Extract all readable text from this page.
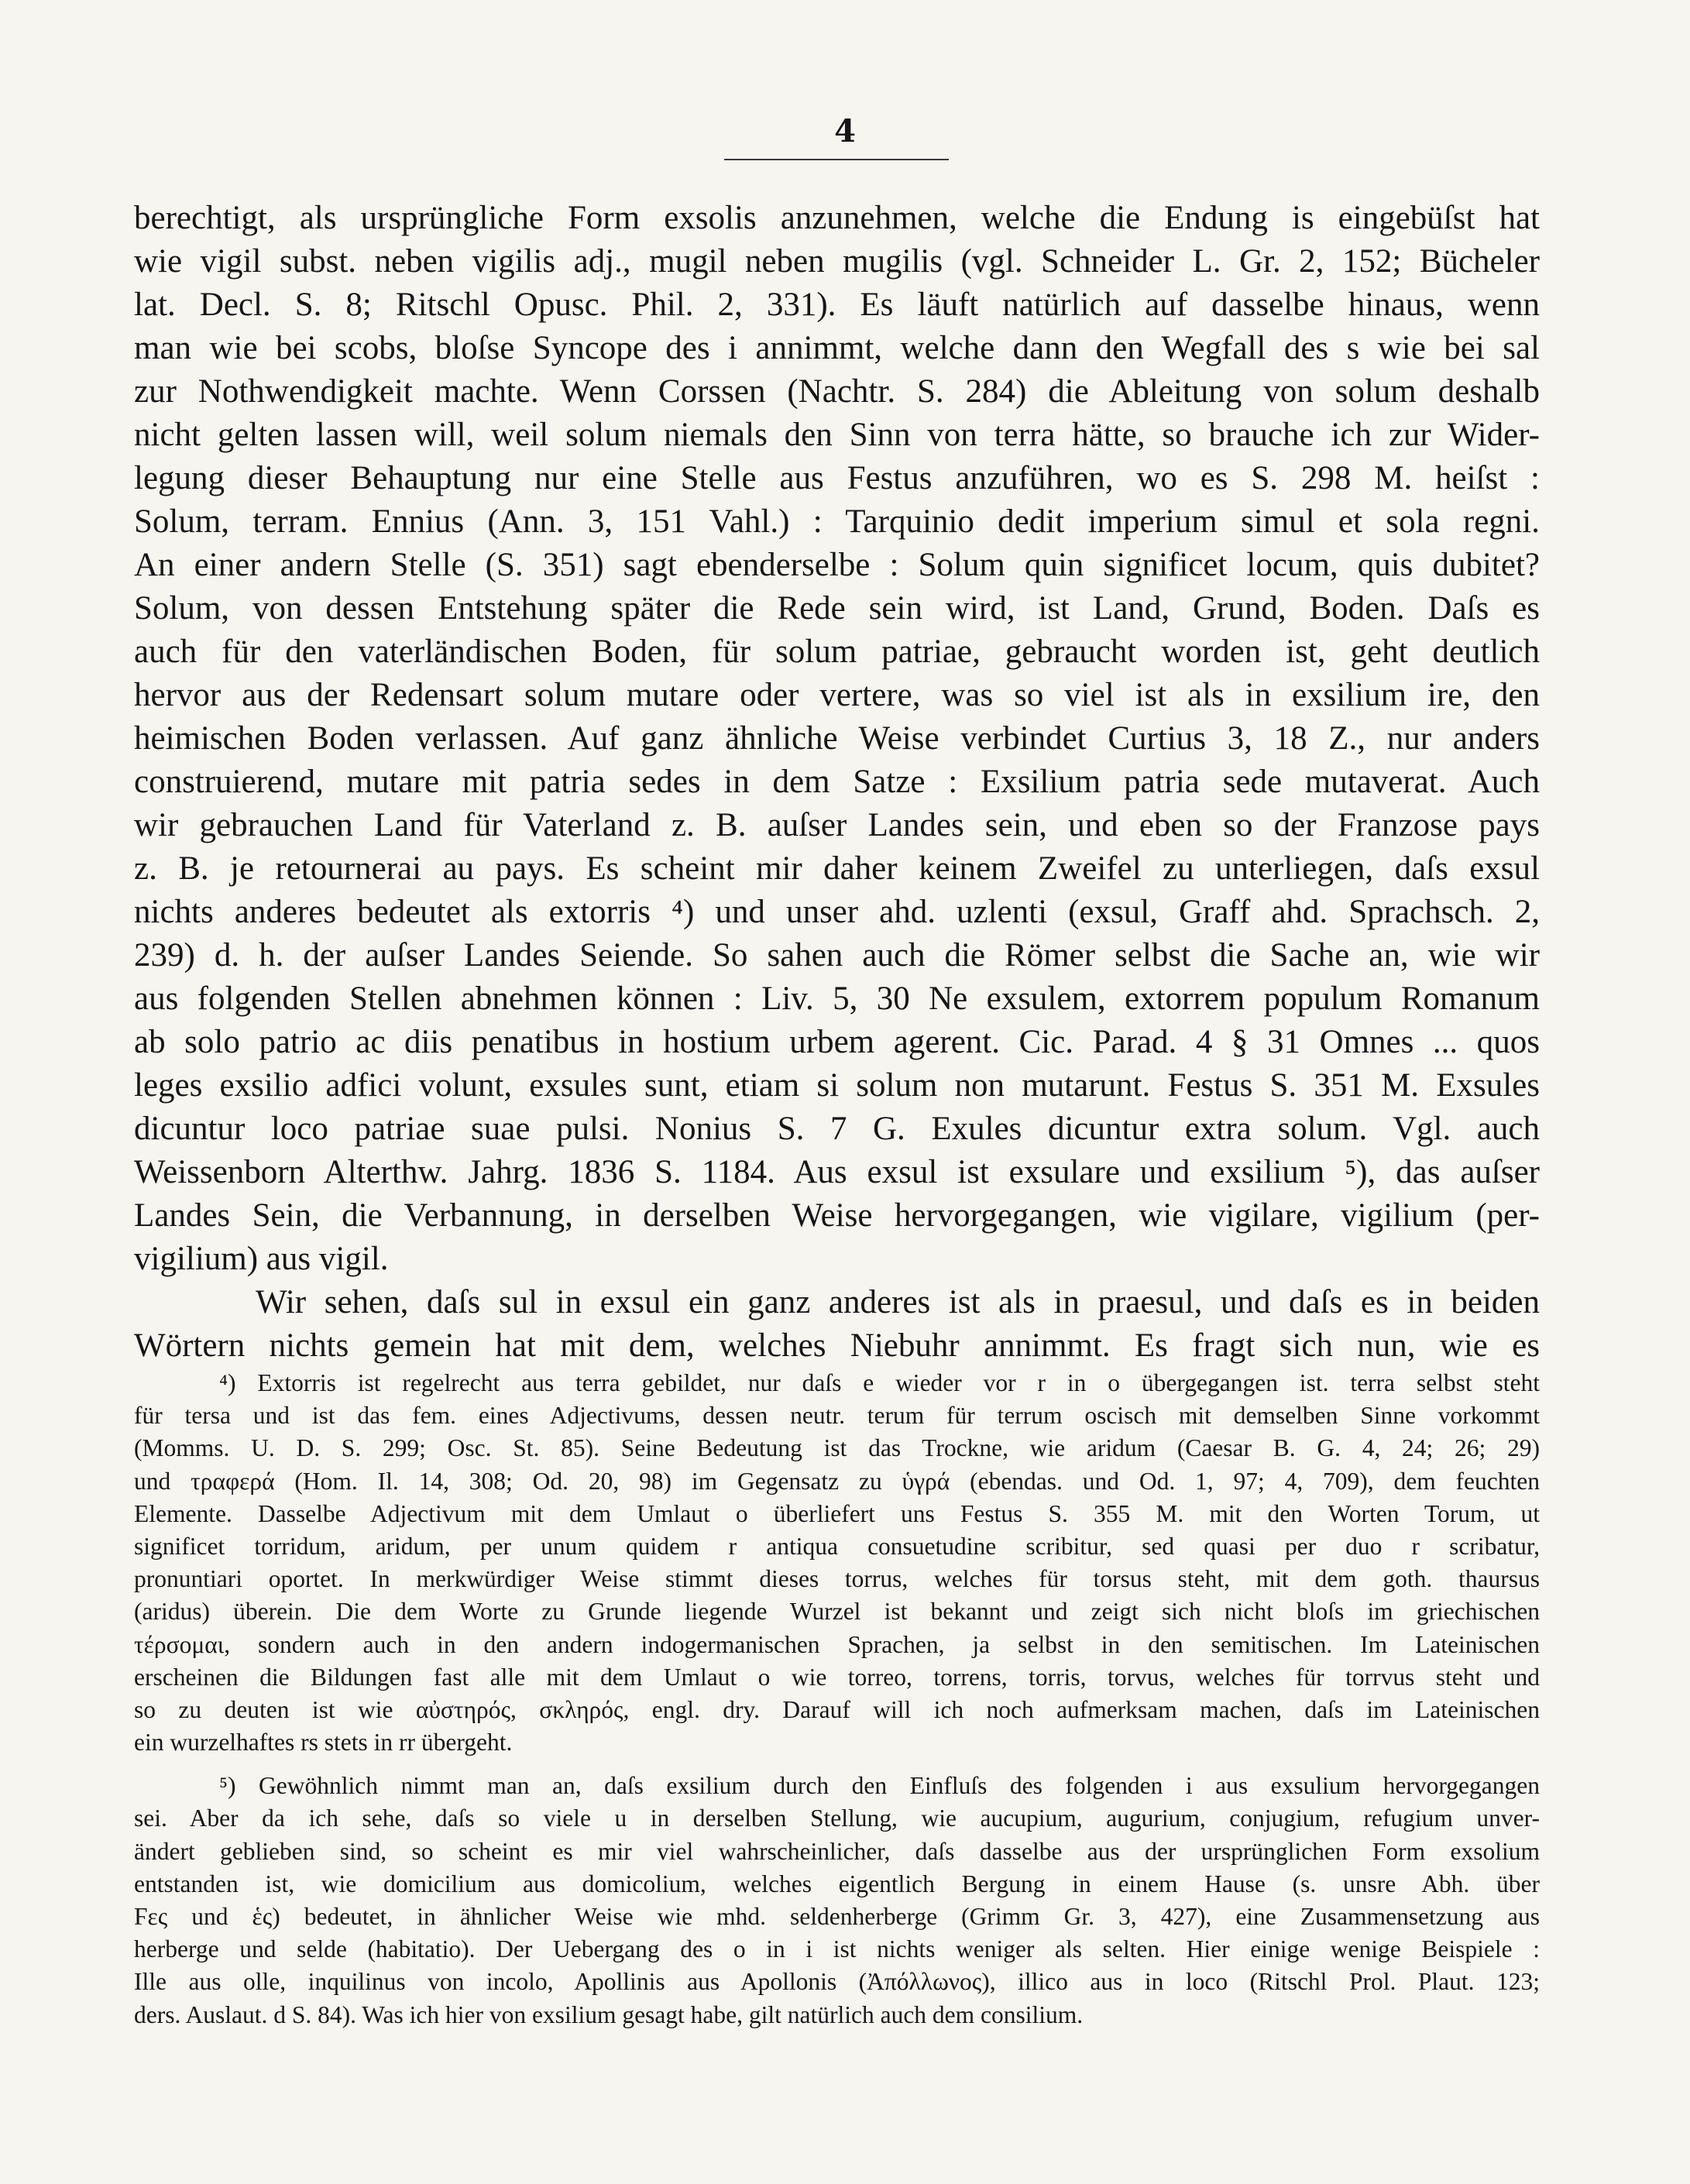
4
berechtigt, als ursprüngliche Form exsolis anzunehmen, welche die Endung is eingebüſst hat
wie vigil subst. neben vigilis adj., mugil neben mugilis (vgl. Schneider L. Gr. 2, 152; Bücheler
lat. Decl. S. 8; Ritschl Opusc. Phil. 2, 331). Es läuft natürlich auf dasselbe hinaus, wenn
man wie bei scobs, bloſse Syncope des i annimmt, welche dann den Wegfall des s wie bei sal
zur Nothwendigkeit machte. Wenn Corssen (Nachtr. S. 284) die Ableitung von solum deshalb
nicht gelten lassen will, weil solum niemals den Sinn von terra hätte, so brauche ich zur Wider-
legung dieser Behauptung nur eine Stelle aus Festus anzuführen, wo es S. 298 M. heiſst :
Solum, terram. Ennius (Ann. 3, 151 Vahl.) : Tarquinio dedit imperium simul et sola regni.
An einer andern Stelle (S. 351) sagt ebenderselbe : Solum quin significet locum, quis dubitet?
Solum, von dessen Entstehung später die Rede sein wird, ist Land, Grund, Boden. Daſs es
auch für den vaterländischen Boden, für solum patriae, gebraucht worden ist, geht deutlich
hervor aus der Redensart solum mutare oder vertere, was so viel ist als in exsilium ire, den
heimischen Boden verlassen. Auf ganz ähnliche Weise verbindet Curtius 3, 18 Z., nur anders
construierend, mutare mit patria sedes in dem Satze : Exsilium patria sede mutaverat. Auch
wir gebrauchen Land für Vaterland z. B. auſser Landes sein, und eben so der Franzose pays
z. B. je retournerai au pays. Es scheint mir daher keinem Zweifel zu unterliegen, daſs exsul
nichts anderes bedeutet als extorris ⁴) und unser ahd. uzlenti (exsul, Graff ahd. Sprachsch. 2,
239) d. h. der auſser Landes Seiende. So sahen auch die Römer selbst die Sache an, wie wir
aus folgenden Stellen abnehmen können : Liv. 5, 30 Ne exsulem, extorrem populum Romanum
ab solo patrio ac diis penatibus in hostium urbem agerent. Cic. Parad. 4 § 31 Omnes ... quos
leges exsilio adfici volunt, exsules sunt, etiam si solum non mutarunt. Festus S. 351 M. Exsules
dicuntur loco patriae suae pulsi. Nonius S. 7 G. Exules dicuntur extra solum. Vgl. auch
Weissenborn Alterthw. Jahrg. 1836 S. 1184. Aus exsul ist exsulare und exsilium ⁵), das auſser
Landes Sein, die Verbannung, in derselben Weise hervorgegangen, wie vigilare, vigilium (per-
vigilium) aus vigil.
Wir sehen, daſs sul in exsul ein ganz anderes ist als in praesul, und daſs es in beiden
Wörtern nichts gemein hat mit dem, welches Niebuhr annimmt. Es fragt sich nun, wie es
⁴) Extorris ist regelrecht aus terra gebildet, nur daſs e wieder vor r in o übergegangen ist. terra selbst steht
für tersa und ist das fem. eines Adjectivums, dessen neutr. terum für terrum oscisch mit demselben Sinne vorkommt
(Momms. U. D. S. 299; Osc. St. 85). Seine Bedeutung ist das Trockne, wie aridum (Caesar B. G. 4, 24; 26; 29)
und τραφερά (Hom. Il. 14, 308; Od. 20, 98) im Gegensatz zu ὑγρά (ebendas. und Od. 1, 97; 4, 709), dem feuchten
Elemente. Dasselbe Adjectivum mit dem Umlaut o überliefert uns Festus S. 355 M. mit den Worten Torum, ut
significet torridum, aridum, per unum quidem r antiqua consuetudine scribitur, sed quasi per duo r scribatur,
pronuntiari oportet. In merkwürdiger Weise stimmt dieses torrus, welches für torsus steht, mit dem goth. thaursus
(aridus) überein. Die dem Worte zu Grunde liegende Wurzel ist bekannt und zeigt sich nicht bloſs im griechischen
τέρσομαι, sondern auch in den andern indogermanischen Sprachen, ja selbst in den semitischen. Im Lateinischen
erscheinen die Bildungen fast alle mit dem Umlaut o wie torreo, torrens, torris, torvus, welches für torrvus steht und
so zu deuten ist wie αὐστηρός, σκληρός, engl. dry. Darauf will ich noch aufmerksam machen, daſs im Lateinischen
ein wurzelhaftes rs stets in rr übergeht.
⁵) Gewöhnlich nimmt man an, daſs exsilium durch den Einfluſs des folgenden i aus exsulium hervorgegangen
sei. Aber da ich sehe, daſs so viele u in derselben Stellung, wie aucupium, augurium, conjugium, refugium unver-
ändert geblieben sind, so scheint es mir viel wahrscheinlicher, daſs dasselbe aus der ursprünglichen Form exsolium
entstanden ist, wie domicilium aus domicolium, welches eigentlich Bergung in einem Hause (s. unsre Abh. über
Ϝες und ἑς) bedeutet, in ähnlicher Weise wie mhd. seldenherberge (Grimm Gr. 3, 427), eine Zusammensetzung aus
herberge und selde (habitatio). Der Uebergang des o in i ist nichts weniger als selten. Hier einige wenige Beispiele :
Ille aus olle, inquilinus von incolo, Apollinis aus Apollonis (Ἀπόλλωνος), illico aus in loco (Ritschl Prol. Plaut. 123;
ders. Auslaut. d S. 84). Was ich hier von exsilium gesagt habe, gilt natürlich auch dem consilium.
